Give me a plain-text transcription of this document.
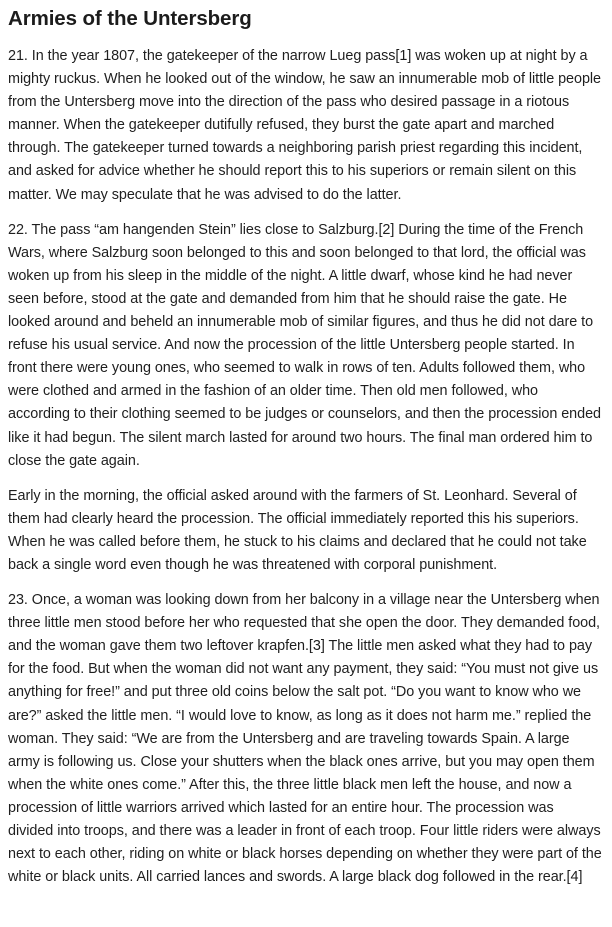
Armies of the Untersberg

21. In the year 1807, the gatekeeper of the narrow Lueg pass[1] was woken up at night by a mighty ruckus. When he looked out of the window, he saw an innumerable mob of little people from the Untersberg move into the direction of the pass who desired passage in a riotous manner. When the gatekeeper dutifully refused, they burst the gate apart and marched through. The gatekeeper turned towards a neighboring parish priest regarding this incident, and asked for advice whether he should report this to his superiors or remain silent on this matter. We may speculate that he was advised to do the latter.

22. The pass “am hangenden Stein” lies close to Salzburg.[2] During the time of the French Wars, where Salzburg soon belonged to this and soon belonged to that lord, the official was woken up from his sleep in the middle of the night. A little dwarf, whose kind he had never seen before, stood at the gate and demanded from him that he should raise the gate. He looked around and beheld an innumerable mob of similar figures, and thus he did not dare to refuse his usual service. And now the procession of the little Untersberg people started. In front there were young ones, who seemed to walk in rows of ten. Adults followed them, who were clothed and armed in the fashion of an older time. Then old men followed, who according to their clothing seemed to be judges or counselors, and then the procession ended like it had begun. The silent march lasted for around two hours. The final man ordered him to close the gate again.

Early in the morning, the official asked around with the farmers of St. Leonhard. Several of them had clearly heard the procession. The official immediately reported this his superiors. When he was called before them, he stuck to his claims and declared that he could not take back a single word even though he was threatened with corporal punishment.

23. Once, a woman was looking down from her balcony in a village near the Untersberg when three little men stood before her who requested that she open the door. They demanded food, and the woman gave them two leftover krapfen.[3] The little men asked what they had to pay for the food. But when the woman did not want any payment, they said: “You must not give us anything for free!” and put three old coins below the salt pot. “Do you want to know who we are?” asked the little men. “I would love to know, as long as it does not harm me.” replied the woman. They said: “We are from the Untersberg and are traveling towards Spain. A large army is following us. Close your shutters when the black ones arrive, but you may open them when the white ones come.” After this, the three little black men left the house, and now a procession of little warriors arrived which lasted for an entire hour. The procession was divided into troops, and there was a leader in front of each troop. Four little riders were always next to each other, riding on white or black horses depending on whether they were part of the white or black units. All carried lances and swords. A large black dog followed in the rear.[4]
